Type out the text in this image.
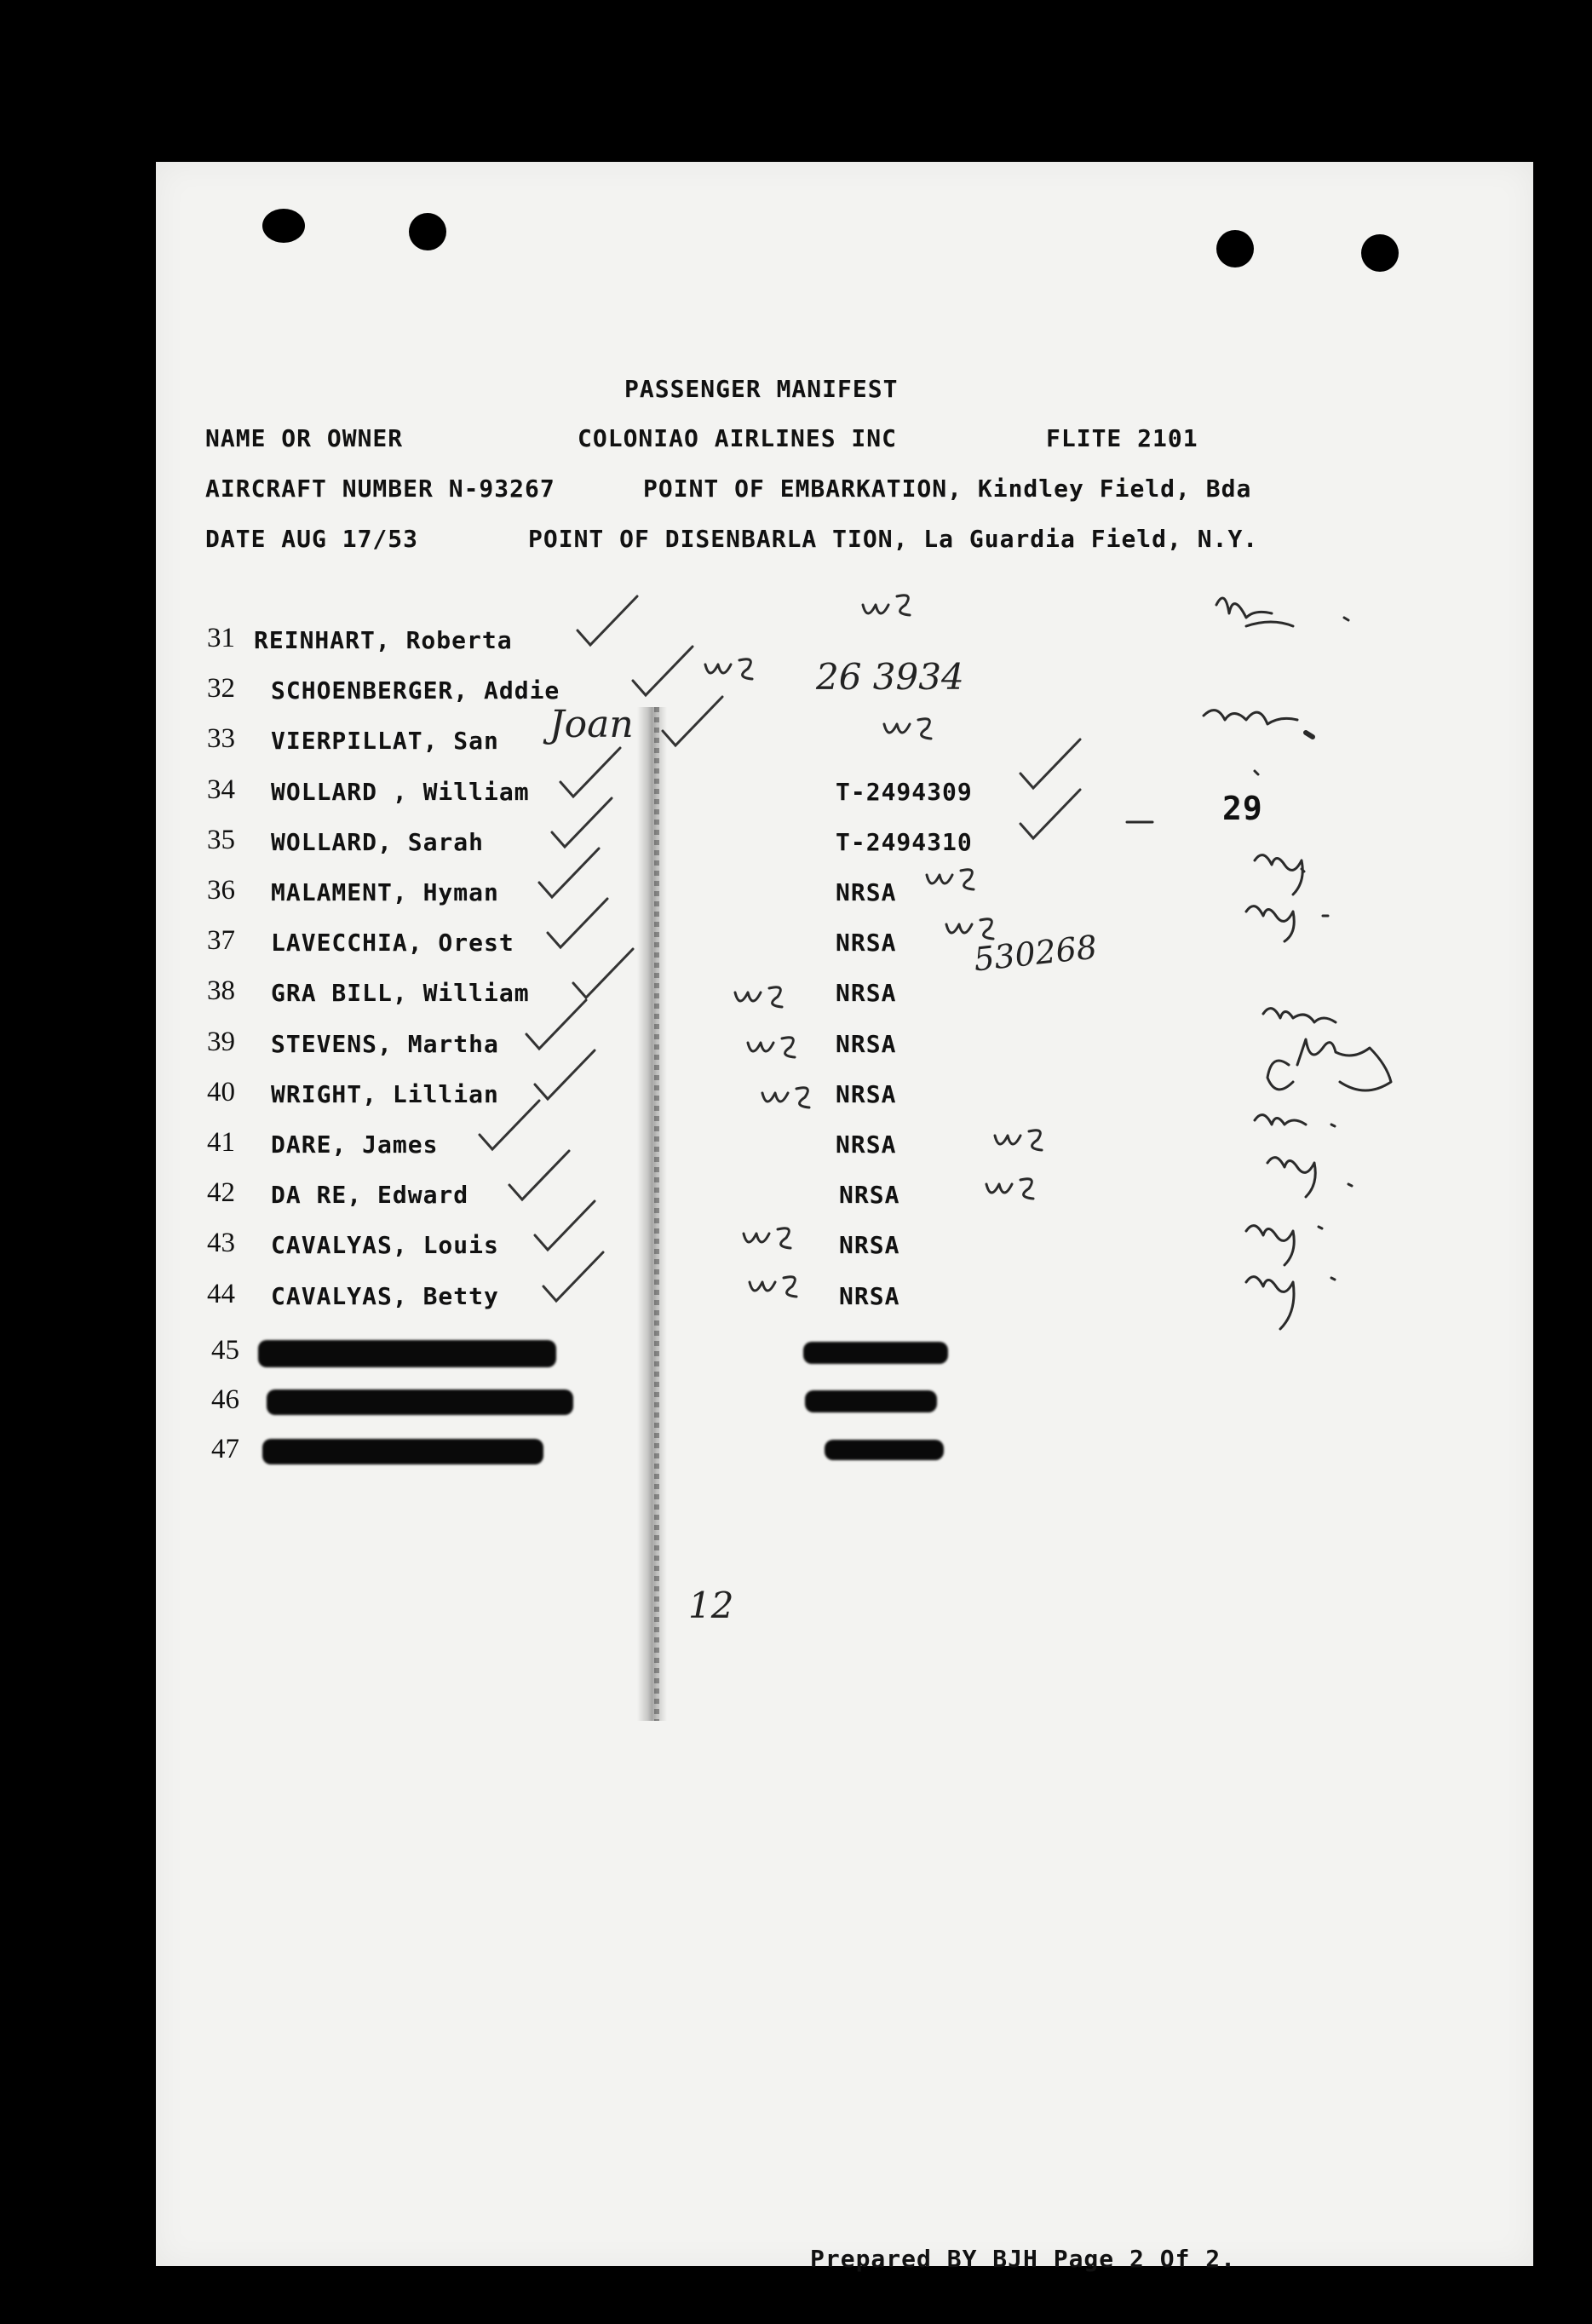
PASSENGER MANIFEST
NAME OR OWNER	COLONIAO AIRLINES INC	FLITE 2101
AIRCRAFT NUMBER N-93267	POINT OF EMBARKATION, Kindley Field, Bda
DATE AUG 17/53	POINT OF DISENBARLA TION, La Guardia Field, N.Y.
31 REINHART, Roberta
32 SCHOENBERGER, Addie
33 VIERPILLAT, San
34 WOLLARD , William	T-2494309
35 WOLLARD, Sarah	T-2494310
36 MALAMENT, Hyman	NRSA
37 LAVECCHIA, Orest	NRSA
38 GRA BILL, William	NRSA
39 STEVENS, Martha	NRSA
40 WRIGHT, Lillian	NRSA
41 DARE, James	NRSA
42 DA RE, Edward	NRSA
43 CAVALYAS, Louis	NRSA
44 CAVALYAS, Betty	NRSA
45
46
47
29
26 3934
530268
Joan
12
Prepared BY BJH Page 2 Of 2.
